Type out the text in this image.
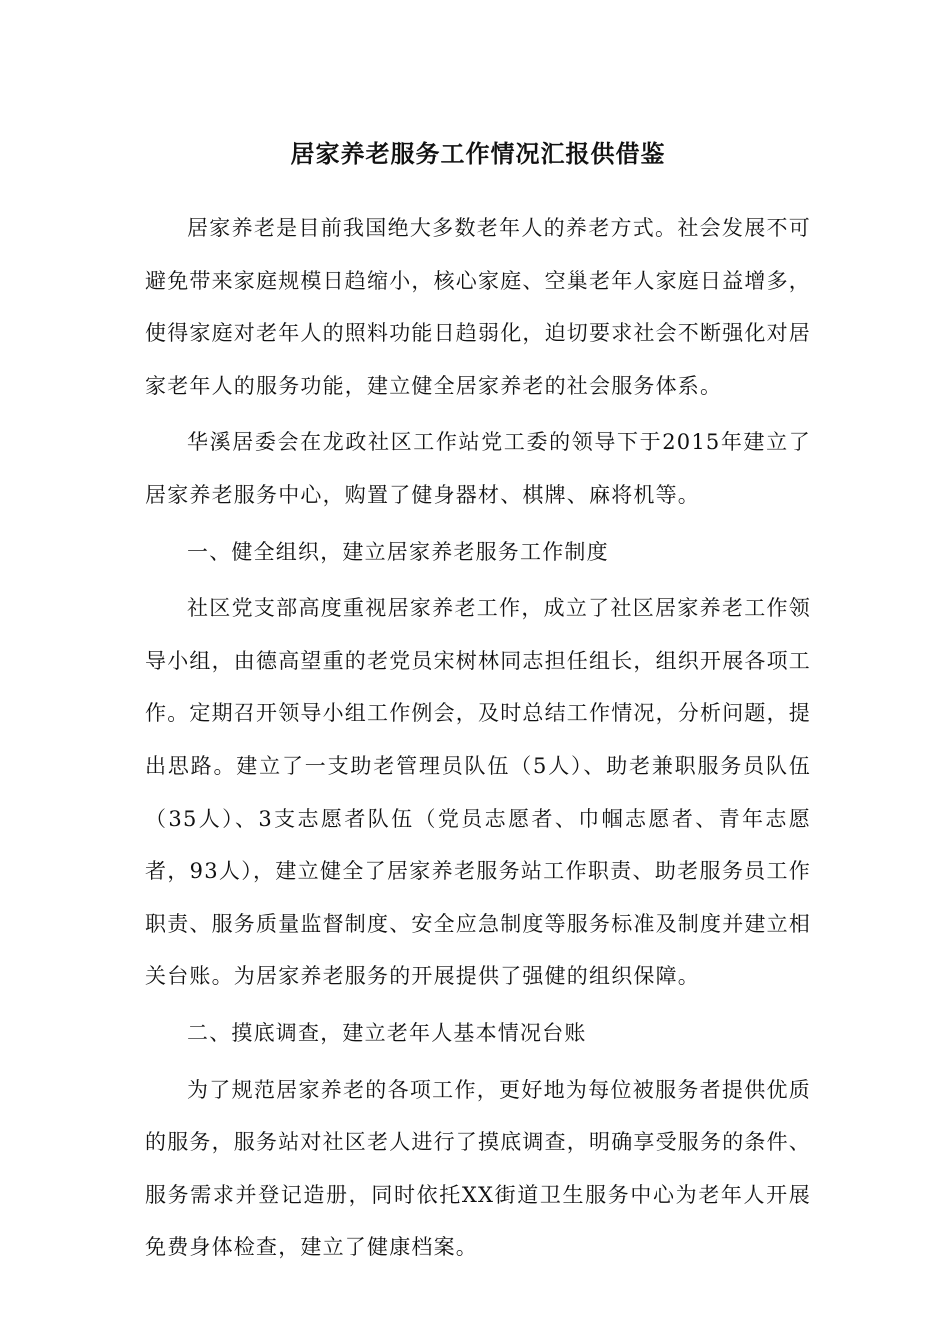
居家养老服务工作情况汇报供借鉴

居家养老是目前我国绝大多数老年人的养老方式。社会发展不可避免带来家庭规模日趋缩小，核心家庭、空巢老年人家庭日益增多，使得家庭对老年人的照料功能日趋弱化，迫切要求社会不断强化对居家老年人的服务功能，建立健全居家养老的社会服务体系。

华溪居委会在龙政社区工作站党工委的领导下于2015年建立了居家养老服务中心，购置了健身器材、棋牌、麻将机等。

一、健全组织，建立居家养老服务工作制度

社区党支部高度重视居家养老工作，成立了社区居家养老工作领导小组，由德高望重的老党员宋树林同志担任组长，组织开展各项工作。定期召开领导小组工作例会，及时总结工作情况，分析问题，提出思路。建立了一支助老管理员队伍（5人）、助老兼职服务员队伍（35人）、3支志愿者队伍（党员志愿者、巾帼志愿者、青年志愿者，93人），建立健全了居家养老服务站工作职责、助老服务员工作职责、服务质量监督制度、安全应急制度等服务标准及制度并建立相关台账。为居家养老服务的开展提供了强健的组织保障。

二、摸底调查，建立老年人基本情况台账

为了规范居家养老的各项工作，更好地为每位被服务者提供优质的服务，服务站对社区老人进行了摸底调查，明确享受服务的条件、服务需求并登记造册，同时依托XX街道卫生服务中心为老年人开展免费身体检查，建立了健康档案。
